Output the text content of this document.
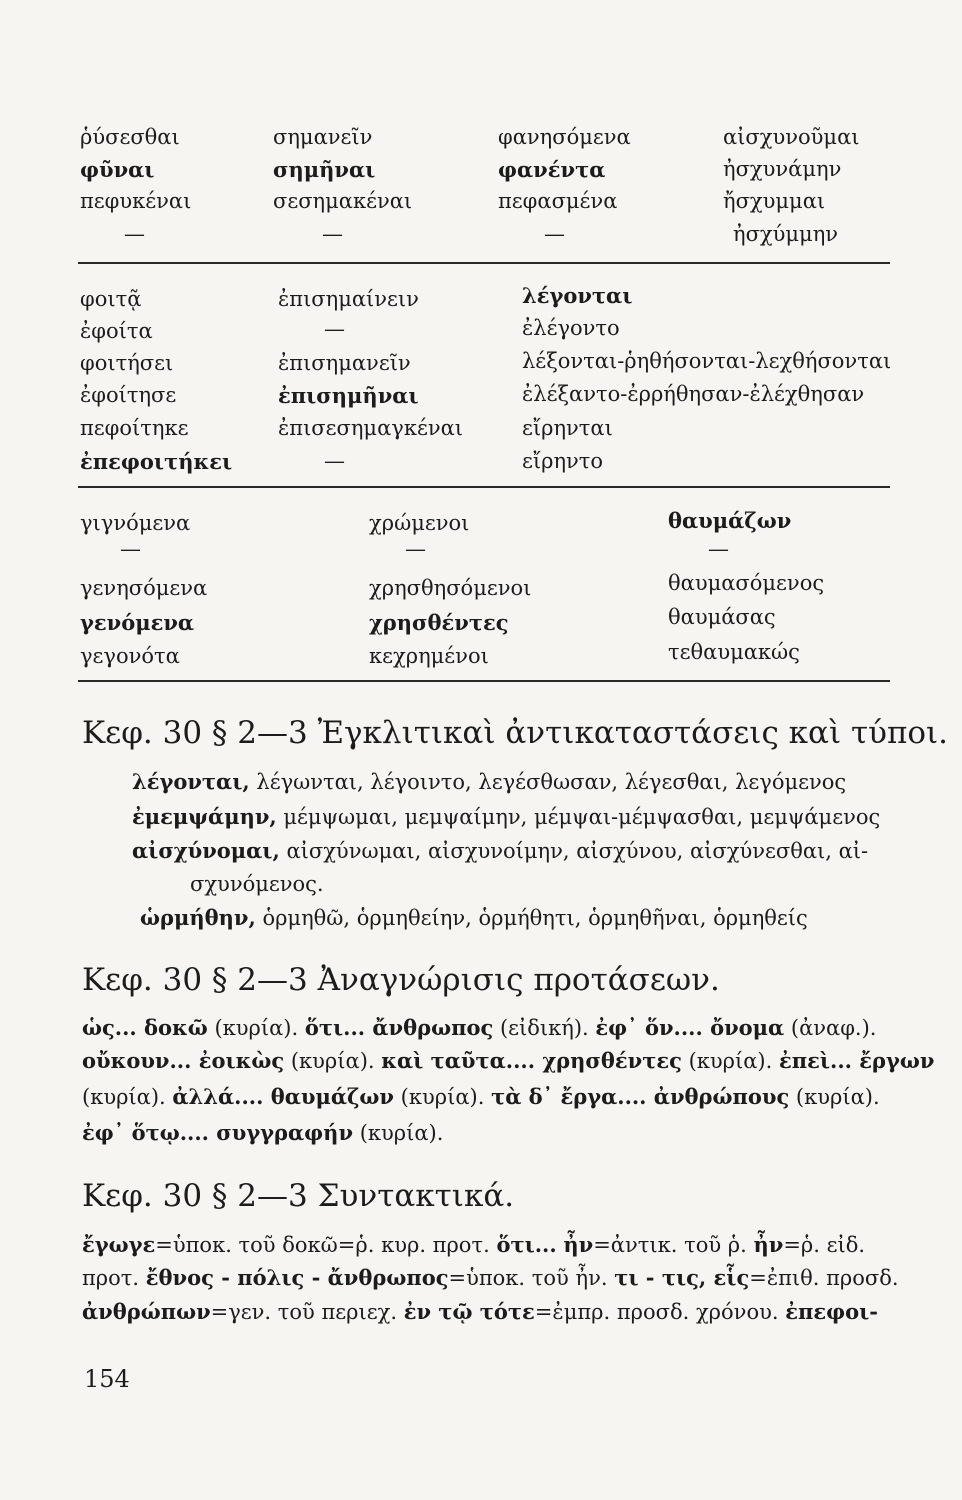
ῥύσεσθαι
φῦναι
πεφυκέναι
—
σημανεῖν
σημῆναι
σεσημακέναι
—
φανησόμενα
φανέντα
πεφασμένα
—
αἰσχυνοῦμαι
ἠσχυνάμην
ἤσχυμμαι
ἠσχύμμην
φοιτᾷ
ἐφοίτα
φοιτήσει
ἐφοίτησε
πεφοίτηκε
ἐπεφοιτήκει
ἐπισημαίνειν
—
ἐπισημανεῖν
ἐπισημῆναι
ἐπισεσημαγκέναι
—
λέγονται
ἐλέγοντο
λέξονται-ῥηθήσονται-λεχθήσονται
ἐλέξαντο-ἐρρήθησαν-ἐλέχθησαν
εἴρηνται
εἴρηντο
γιγνόμενα
—
γενησόμενα
γενόμενα
γεγονότα
χρώμενοι
—
χρησθησόμενοι
χρησθέντες
κεχρημένοι
θαυμάζων
—
θαυμασόμενος
θαυμάσας
τεθαυμακώς
Κεφ. 30 § 2—3 Ἐγκλιτικαὶ ἀντικαταστάσεις καὶ τύποι.
λέγονται, λέγωνται, λέγοιντο, λεγέσθωσαν, λέγεσθαι, λεγόμενος
ἐμεμψάμην, μέμψωμαι, μεμψαίμην, μέμψαι-μέμψασθαι, μεμψάμενος
αἰσχύνομαι, αἰσχύνωμαι, αἰσχυνοίμην, αἰσχύνου, αἰσχύνεσθαι, αἰ-
σχυνόμενος.
ὡρμήθην, ὁρμηθῶ, ὁρμηθείην, ὁρμήθητι, ὁρμηθῆναι, ὁρμηθείς
Κεφ. 30 § 2—3 Ἀναγνώρισις προτάσεων.
ὡς... δοκῶ (κυρία). ὅτι... ἄνθρωπος (εἰδική). ἐφ᾽ ὅν.... ὄνομα (ἀναφ.).
οὔκουν... ἐοικὼς (κυρία). καὶ ταῦτα.... χρησθέντες (κυρία). ἐπεὶ... ἔργων
(κυρία). ἀλλά.... θαυμάζων (κυρία). τὰ δ᾽ ἔργα.... ἀνθρώπους (κυρία).
ἐφ᾽ ὅτῳ.... συγγραφήν (κυρία).
Κεφ. 30 § 2—3 Συντακτικά.
ἔγωγε=ὑποκ. τοῦ δοκῶ=ῥ. κυρ. προτ. ὅτι... ἦν=ἀντικ. τοῦ ῥ. ἦν=ῥ. εἰδ.
προτ. ἔθνος - πόλις - ἄνθρωπος=ὑποκ. τοῦ ἦν. τι - τις, εἷς=ἐπιθ. προσδ.
ἀνθρώπων=γεν. τοῦ περιεχ. ἐν τῷ τότε=ἐμπρ. προσδ. χρόνου. ἐπεφοι-
154
